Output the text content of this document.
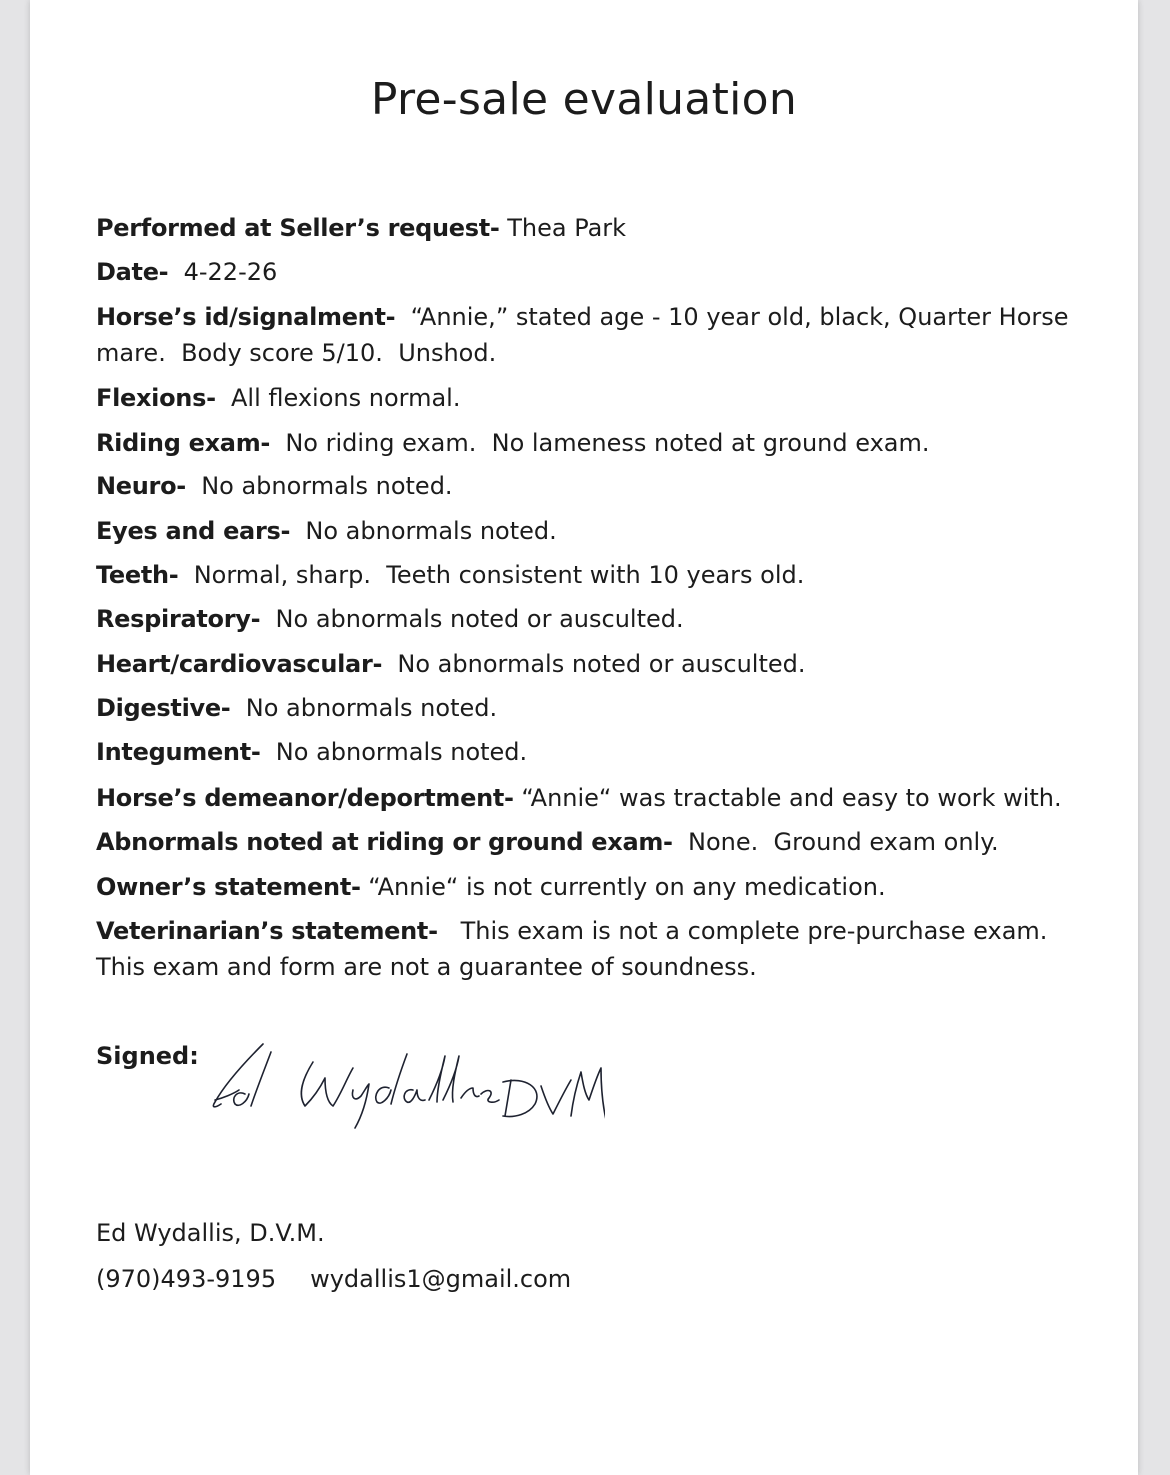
Pre-sale evaluation
Performed at Seller’s request- Thea Park
Date-  4-22-26
Horse’s id/signalment-  “Annie,” stated age - 10 year old, black, Quarter Horse mare.  Body score 5/10.  Unshod.
Flexions-  All flexions normal.
Riding exam-  No riding exam.  No lameness noted at ground exam.
Neuro-  No abnormals noted.
Eyes and ears-  No abnormals noted.
Teeth-  Normal, sharp.  Teeth consistent with 10 years old.
Respiratory-  No abnormals noted or ausculted.
Heart/cardiovascular-  No abnormals noted or ausculted.
Digestive-  No abnormals noted.
Integument-  No abnormals noted.
Horse’s demeanor/deportment- “Annie“ was tractable and easy to work with.
Abnormals noted at riding or ground exam-  None.  Ground exam only.
Owner’s statement- “Annie“ is not currently on any medication.
Veterinarian’s statement-   This exam is not a complete pre-purchase exam.  This exam and form are not a guarantee of soundness.
Signed:
Ed Wydallis, D.V.M.
(970)493-9195 wydallis1@gmail.com
